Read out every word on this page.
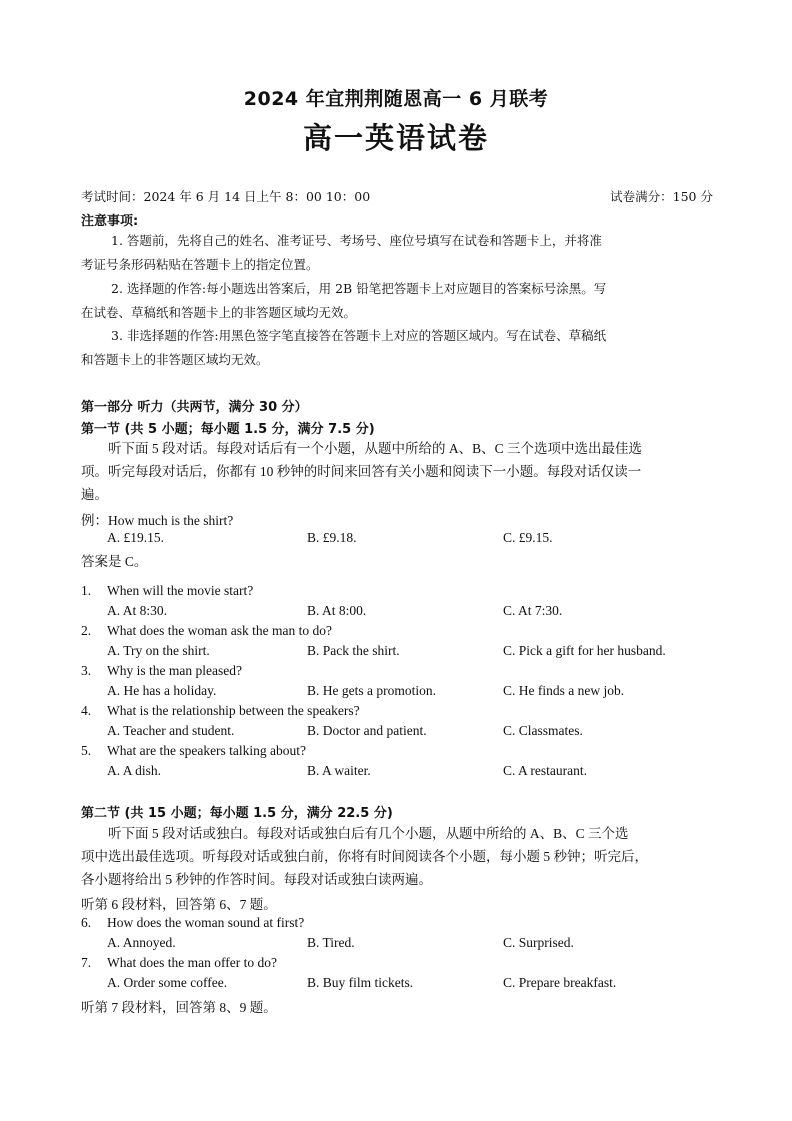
2024 年宜荆荆随恩高一 6 月联考
高一英语试卷
考试时间：2024 年 6 月 14 日上午 8：00 10：00	试卷满分：150 分
注意事项:
1. 答题前，先将自己的姓名、准考证号、考场号、座位号填写在试卷和答题卡上，并将准
考证号条形码粘贴在答题卡上的指定位置。
2. 选择题的作答:每小题选出答案后，用 2B 铅笔把答题卡上对应题目的答案标号涂黑。写
在试卷、草稿纸和答题卡上的非答题区域均无效。
3. 非选择题的作答:用黑色签字笔直接答在答题卡上对应的答题区域内。写在试卷、草稿纸
和答题卡上的非答题区域均无效。
第一部分 听力（共两节，满分 30 分）
第一节 (共 5 小题；每小题 1.5 分，满分 7.5 分)
听下面 5 段对话。每段对话后有一个小题，从题中所给的 A、B、C 三个选项中选出最佳选
项。听完每段对话后，你都有 10 秒钟的时间来回答有关小题和阅读下一小题。每段对话仅读一
遍。
例：How much is the shirt?
A. £19.15.	B. £9.18.	C. £9.15.
答案是 C。
1. When will the movie start?
A. At 8:30.	B. At 8:00.	C. At 7:30.
2. What does the woman ask the man to do?
A. Try on the shirt.	B. Pack the shirt.	C. Pick a gift for her husband.
3. Why is the man pleased?
A. He has a holiday.	B. He gets a promotion.	C. He finds a new job.
4. What is the relationship between the speakers?
A. Teacher and student.	B. Doctor and patient.	C. Classmates.
5. What are the speakers talking about?
A. A dish.	B. A waiter.	C. A restaurant.
第二节 (共 15 小题；每小题 1.5 分，满分 22.5 分)
听下面 5 段对话或独白。每段对话或独白后有几个小题，从题中所给的 A、B、C 三个选
项中选出最佳选项。听每段对话或独白前，你将有时间阅读各个小题，每小题 5 秒钟；听完后，
各小题将给出 5 秒钟的作答时间。每段对话或独白读两遍。
听第 6 段材料，回答第 6、7 题。
6. How does the woman sound at first?
A. Annoyed.	B. Tired.	C. Surprised.
7. What does the man offer to do?
A. Order some coffee.	B. Buy film tickets.	C. Prepare breakfast.
听第 7 段材料，回答第 8、9 题。
